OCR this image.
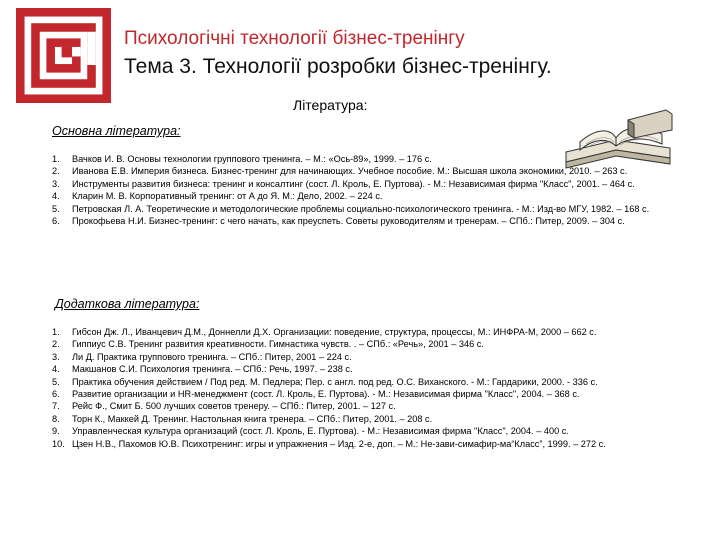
Психологічні технології бізнес-тренінгу
Тема 3. Технології розробки бізнес-тренінгу.
Література:
Основна література:
1. Вачков И. В. Основы технологии группового тренинга. – М.: «Ось-89», 1999. – 176 с.
2. Иванова Е.В. Империя бизнеса. Бизнес-тренинг для начинающих. Учебное пособие. М.: Высшая школа экономики, 2010. – 263 с.
3. Инструменты развития бизнеса: тренинг и консалтинг (сост. Л. Кроль, Е. Пуртова). - М.: Независимая фирма "Класс", 2001. – 464 с.
4. Кларин М. В. Корпоративный тренинг: от А до Я. М.: Дело, 2002. – 224 с.
5. Петровская Л. А. Теоретические и методологические проблемы социально-психологического тренинга. - М.: Изд-во МГУ, 1982. – 168 с.
6. Прокофьева Н.И. Бизнес-тренинг: с чего начать, как преуспеть. Советы руководителям и тренерам. – СПб.: Питер, 2009. – 304 с.
Додаткова література:
1. Гибсон Дж. Л., Иванцевич Д.М., Доннелли Д.Х. Организации: поведение, структура, процессы, М.: ИНФРА-М, 2000 – 662 с.
2. Гиппиус С.В. Тренинг развития креативности. Гимнастика чувств. . – СПб.: «Речь», 2001 – 346 с.
3. Ли Д. Практика группового тренинга. – СПб.: Питер, 2001 – 224 с.
4. Макшанов С.И. Психология тренинга. – СПб.: Речь, 1997. – 238 с.
5. Практика обучения действием / Под ред. М. Педлера; Пер. с англ. под ред. О.С. Виханского. - М.: Гардарики, 2000. - 336 с.
6. Развитие организации и HR-менеджмент (сост. Л. Кроль, Е. Пуртова). - М.: Независимая фирма "Класс", 2004. – 368 с.
7. Рейс Ф., Смит Б. 500 лучших советов тренеру. – СПб.: Питер, 2001. – 127 с.
8. Торн К., Маккей Д. Тренинг. Настольная книга тренера. – СПб.: Питер, 2001. – 208 с.
9. Управленческая культура организаций (сост. Л. Кроль, Е. Пуртова). - М.: Независимая фирма "Класс", 2004. – 400 с.
10. Цзен Н.В., Пахомов Ю.В. Психотренинг: игры и упражнения – Изд. 2-е, доп. – М.: Не-зави-симафир-ма“Класс”, 1999. – 272 с.
